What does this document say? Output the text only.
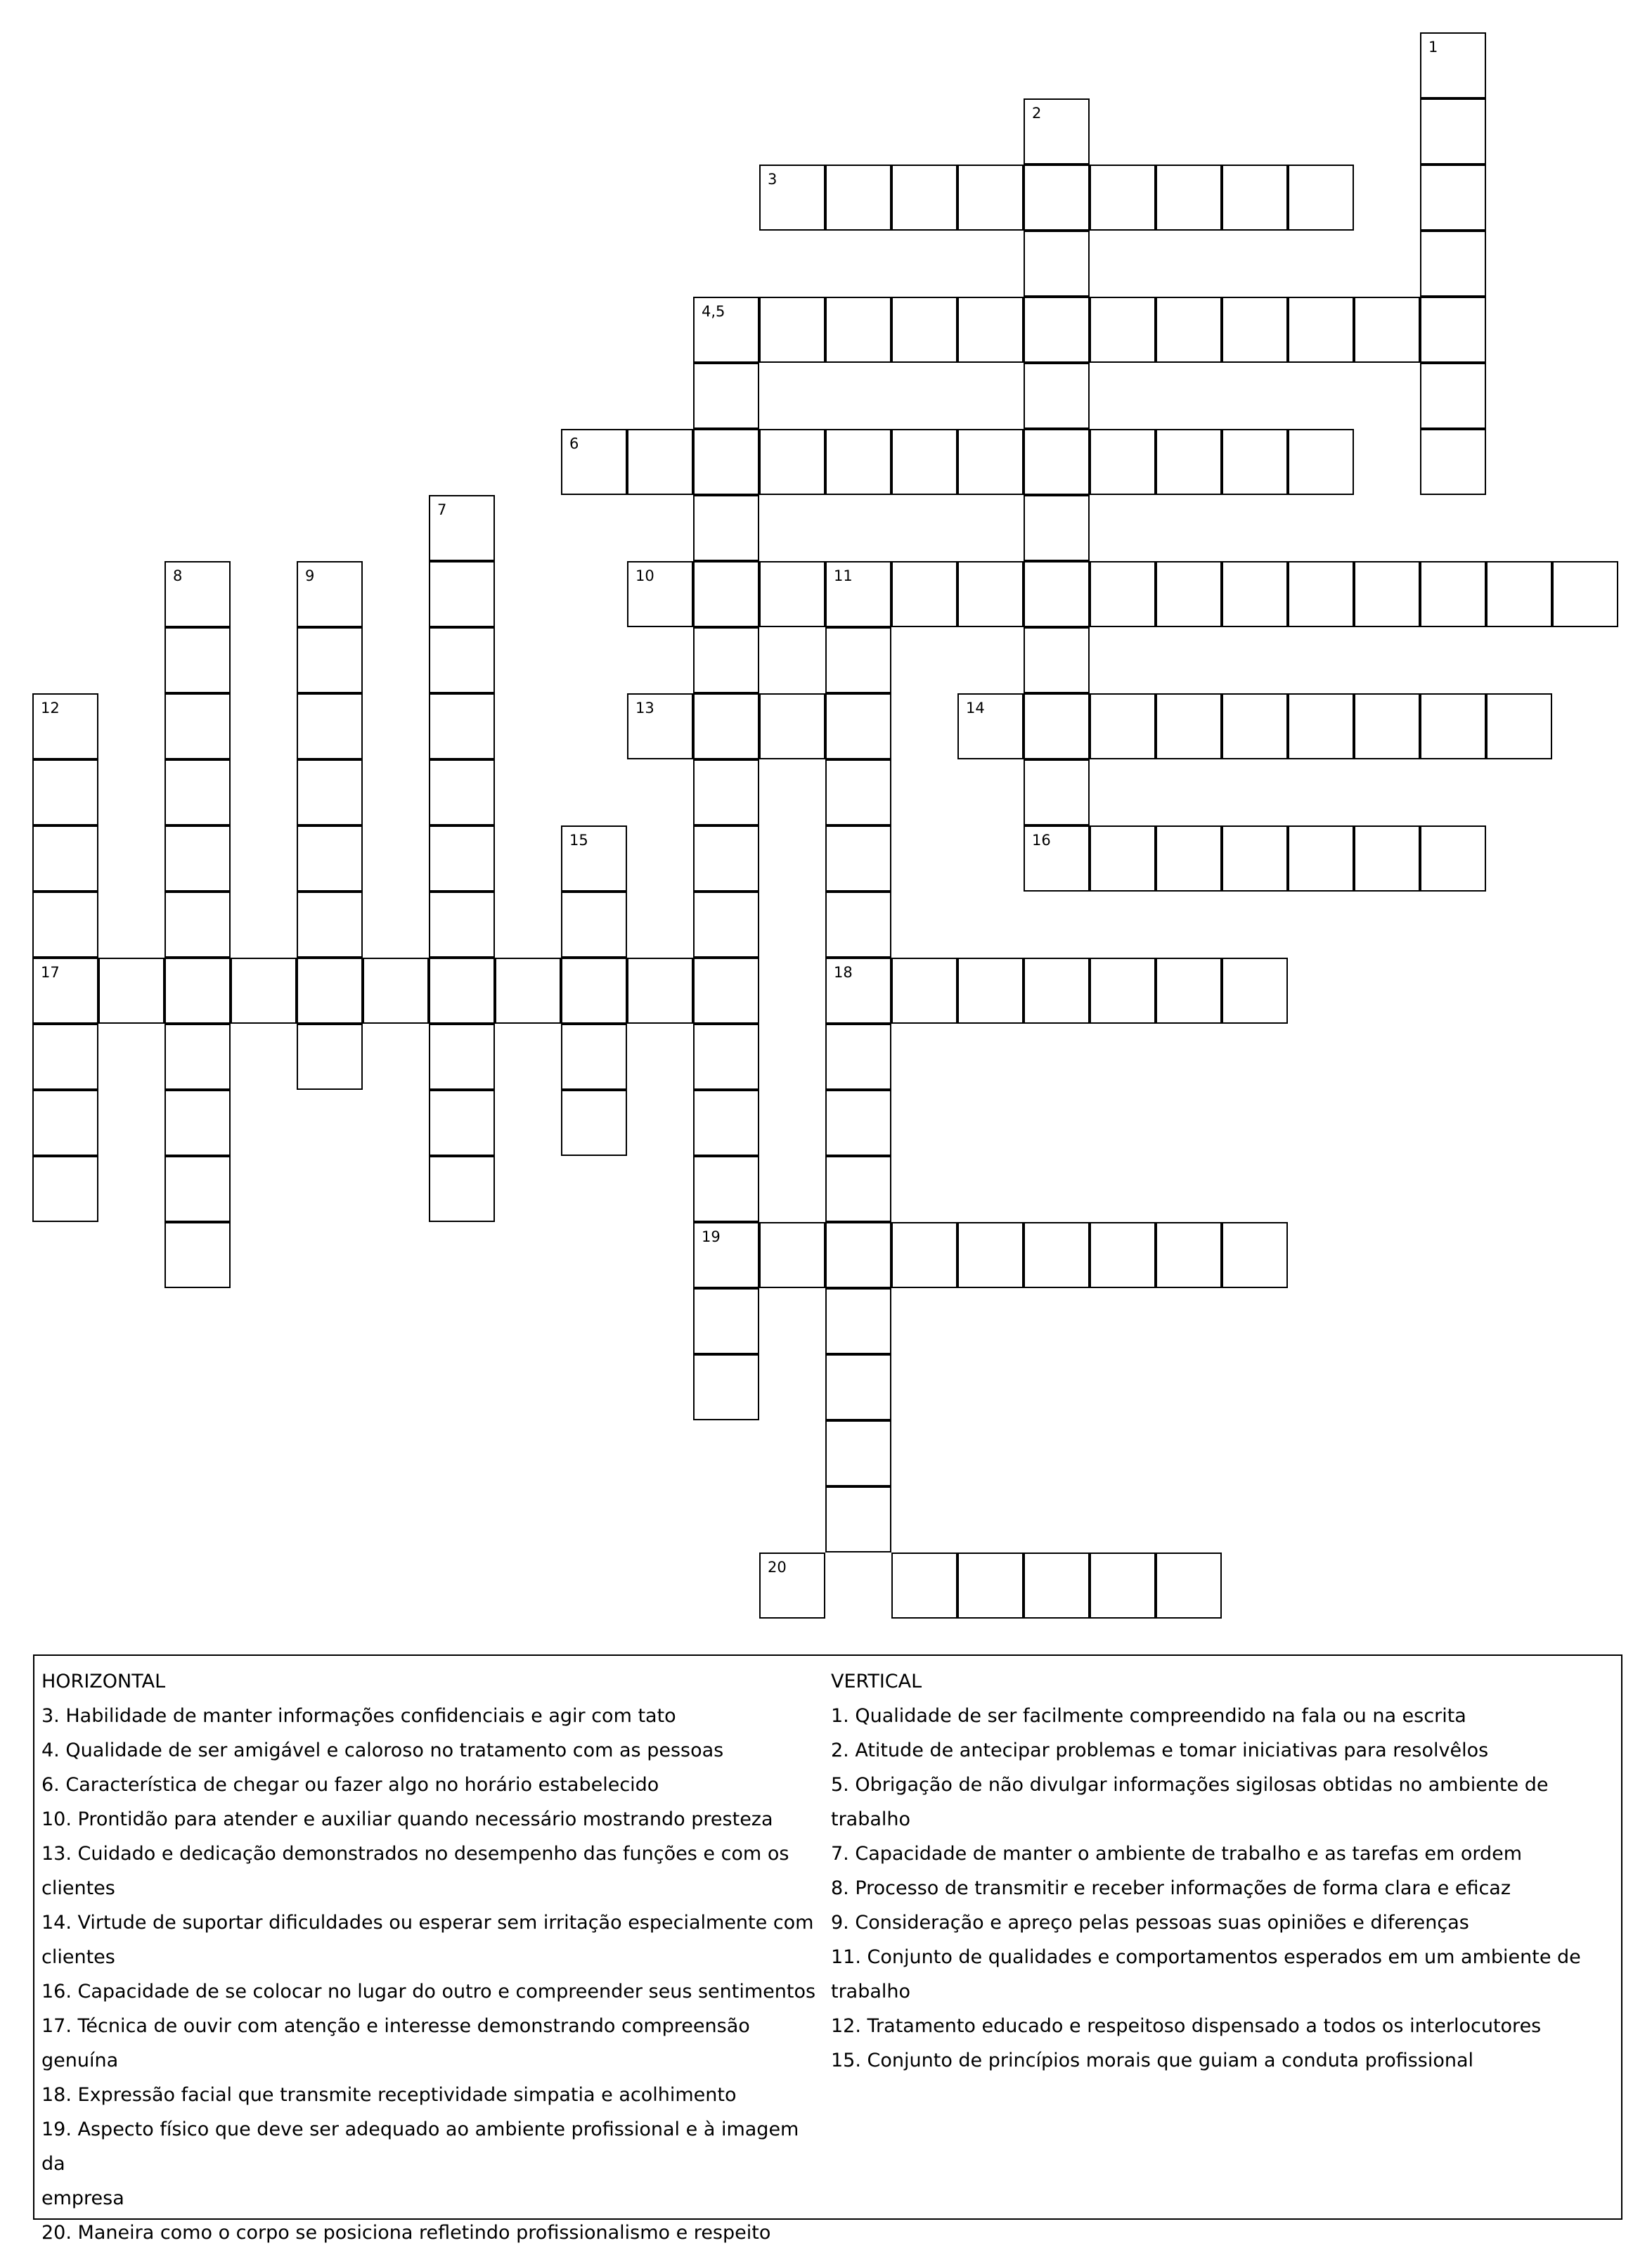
1
2
3
4,5
19
6
7
8	9	10	11
18
12
17
13	14
15	16
20
HORIZONTAL
3. Habilidade de manter informações confidenciais e agir com tato
4. Qualidade de ser amigável e caloroso no tratamento com as pessoas
6. Característica de chegar ou fazer algo no horário estabelecido
10. Prontidão para atender e auxiliar quando necessário mostrando presteza
13. Cuidado e dedicação demonstrados no desempenho das funções e com os
clientes
14. Virtude de suportar dificuldades ou esperar sem irritação especialmente com
clientes
16. Capacidade de se colocar no lugar do outro e compreender seus sentimentos
17. Técnica de ouvir com atenção e interesse demonstrando compreensão genuína
18. Expressão facial que transmite receptividade simpatia e acolhimento
19. Aspecto físico que deve ser adequado ao ambiente profissional e à imagem da
empresa
20. Maneira como o corpo se posiciona refletindo profissionalismo e respeito
VERTICAL
1. Qualidade de ser facilmente compreendido na fala ou na escrita
2. Atitude de antecipar problemas e tomar iniciativas para resolvêlos
5. Obrigação de não divulgar informações sigilosas obtidas no ambiente de
trabalho
7. Capacidade de manter o ambiente de trabalho e as tarefas em ordem
8. Processo de transmitir e receber informações de forma clara e eficaz
9. Consideração e apreço pelas pessoas suas opiniões e diferenças
11. Conjunto de qualidades e comportamentos esperados em um ambiente de
trabalho
12. Tratamento educado e respeitoso dispensado a todos os interlocutores
15. Conjunto de princípios morais que guiam a conduta profissional
